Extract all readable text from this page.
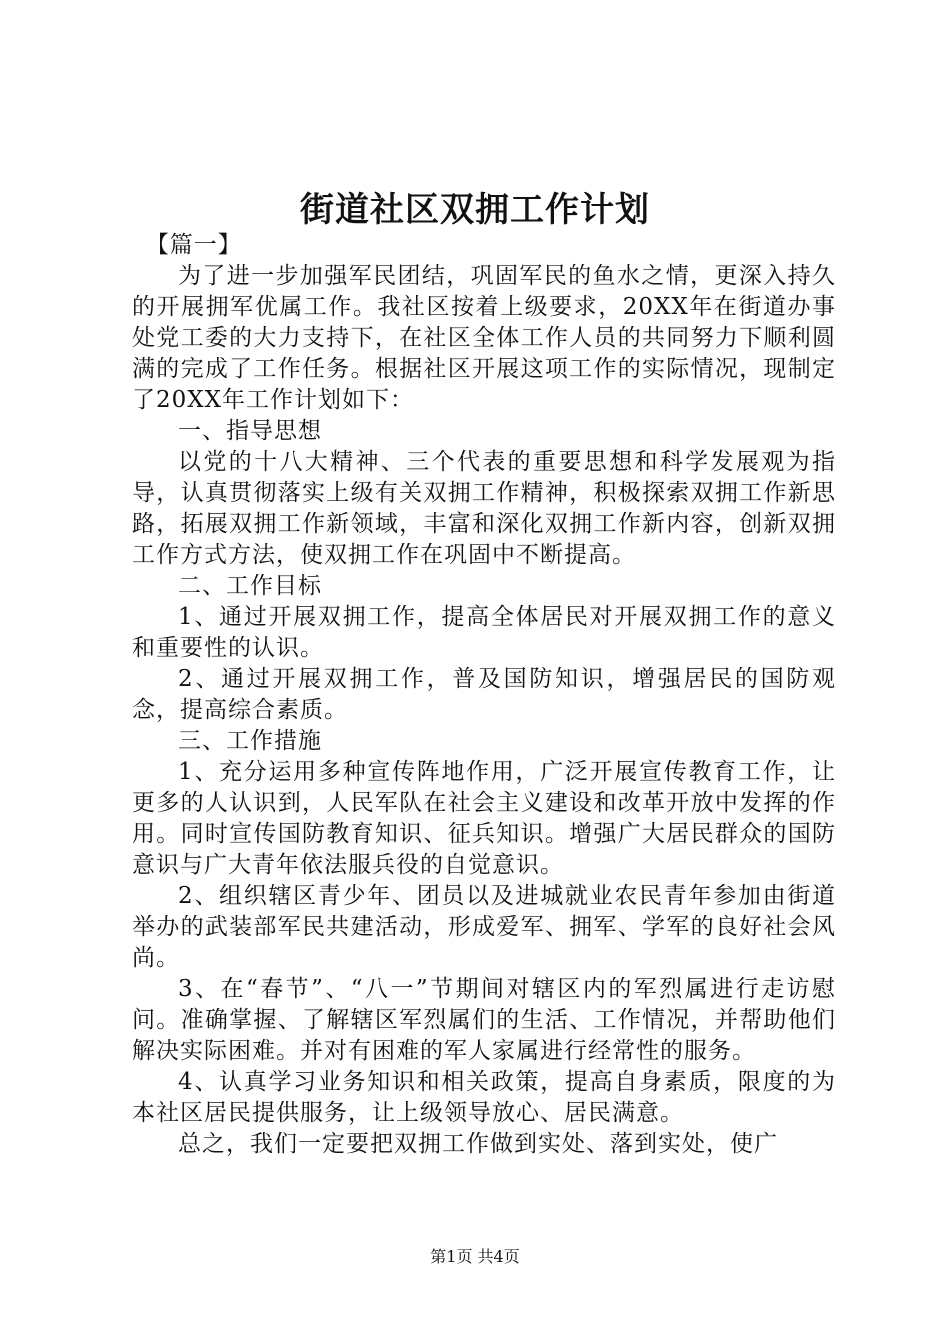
街道社区双拥工作计划

【篇一】

为了进一步加强军民团结，巩固军民的鱼水之情，更深入持久的开展拥军优属工作。我社区按着上级要求，20XX年在街道办事处党工委的大力支持下，在社区全体工作人员的共同努力下顺利圆满的完成了工作任务。根据社区开展这项工作的实际情况，现制定了20XX年工作计划如下：

一、指导思想

以党的十八大精神、三个代表的重要思想和科学发展观为指导，认真贯彻落实上级有关双拥工作精神，积极探索双拥工作新思路，拓展双拥工作新领域，丰富和深化双拥工作新内容，创新双拥工作方式方法，使双拥工作在巩固中不断提高。

二、工作目标

1、通过开展双拥工作，提高全体居民对开展双拥工作的意义和重要性的认识。

2、通过开展双拥工作，普及国防知识，增强居民的国防观念，提高综合素质。

三、工作措施

1、充分运用多种宣传阵地作用，广泛开展宣传教育工作，让更多的人认识到，人民军队在社会主义建设和改革开放中发挥的作用。同时宣传国防教育知识、征兵知识。增强广大居民群众的国防意识与广大青年依法服兵役的自觉意识。

2、组织辖区青少年、团员以及进城就业农民青年参加由街道举办的武装部军民共建活动，形成爱军、拥军、学军的良好社会风尚。

3、在“春节”、“八一”节期间对辖区内的军烈属进行走访慰问。准确掌握、了解辖区军烈属们的生活、工作情况，并帮助他们解决实际困难。并对有困难的军人家属进行经常性的服务。

4、认真学习业务知识和相关政策，提高自身素质，限度的为本社区居民提供服务，让上级领导放心、居民满意。

总之，我们一定要把双拥工作做到实处、落到实处，使广

第1页 共4页
